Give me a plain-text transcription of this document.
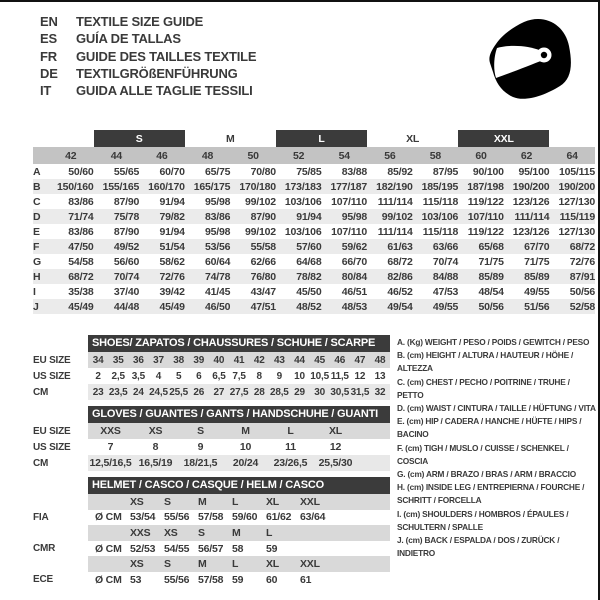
EN	TEXTILE SIZE GUIDE
ES	GUÍA DE TALLAS
FR	GUIDE DES TAILLES TEXTILE
DE	TEXTILGRÖßENFÜHRUNG
IT	GUIDA ALLE TAGLIE TESSILI
		S		M		L		XL		XXL		
	42	44	46	48	50	52	54	56	58	60	62	64
A	50/60	55/65	60/70	65/75	70/80	75/85	83/88	85/92	87/95	90/100	95/100	105/115
B	150/160	155/165	160/170	165/175	170/180	173/183	177/187	182/190	185/195	187/198	190/200	190/200
C	83/86	87/90	91/94	95/98	99/102	103/106	107/110	111/114	115/118	119/122	123/126	127/130
D	71/74	75/78	79/82	83/86	87/90	91/94	95/98	99/102	103/106	107/110	111/114	115/119
E	83/86	87/90	91/94	95/98	99/102	103/106	107/110	111/114	115/118	119/122	123/126	127/130
F	47/50	49/52	51/54	53/56	55/58	57/60	59/62	61/63	63/66	65/68	67/70	68/72
G	54/58	56/60	58/62	60/64	62/66	64/68	66/70	68/72	70/74	71/75	71/75	72/76
H	68/72	70/74	72/76	74/78	76/80	78/82	80/84	82/86	84/88	85/89	85/89	87/91
I	35/38	37/40	39/42	41/45	43/47	45/50	46/51	46/52	47/53	48/54	49/55	50/56
J	45/49	44/48	45/49	46/50	47/51	48/52	48/53	49/54	49/55	50/56	51/56	52/58
SHOES/ ZAPATOS / CHAUSSURES / SCHUHE / SCARPE
EU SIZE	34 35 36 37 38 39 40 41 42 43 44 45 46 47 48
US SIZE	2	2,5 3,5	4	5	6	6,5 7,5	8	9	10 10,5 11,5 12 13
CM	23 23,5 24 24,5 25,5 26 27 27,5 28 28,5 29 30 30,5 31,5 32
GLOVES / GUANTES / GANTS / HANDSCHUHE / GUANTI
EU SIZE	XXS	XS	S	M	L	XL
US SIZE	7	8	9	10	11	12
CM	12,5/16,5 16,5/19	18/21,5	20/24	23/26,5	25,5/30
HELMET / CASCO / CASQUE / HELM / CASCO
XS	S	M	L	XL	XXL
FIA	Ø CM 53/54 55/56 57/58 59/60 61/62 63/64
XXS	XS	S	M	L
CMR	Ø CM 52/53 54/55 56/57 58	59
XS	S	M	L	XL	XXL
ECE	Ø CM 53	55/56 57/58 59	60	61
A. (Kg) WEIGHT / PESO / POIDS / GEWITCH / PESO
B. (cm) HEIGHT / ALTURA / HAUTEUR / HÖHE / ALTEZZA
C. (cm) CHEST / PECHO / POITRINE / TRUHE / PETTO
D. (cm) WAIST / CINTURA / TAILLE / HÜFTUNG / VITA
E. (cm) HIP / CADERA / HANCHE / HÜFTE / HIPS / BACINO
F. (cm) TIGH / MUSLO / CUISSE / SCHENKEL / COSCIA
G. (cm) ARM / BRAZO / BRAS / ARM / BRACCIO
H. (cm) INSIDE LEG / ENTREPIERNA / FOURCHE / SCHRITT / FORCELLA
I. (cm) SHOULDERS / HOMBROS / ÉPAULES / SCHULTERN / SPALLE
J. (cm) BACK / ESPALDA / DOS / ZURÜCK / INDIETRO
